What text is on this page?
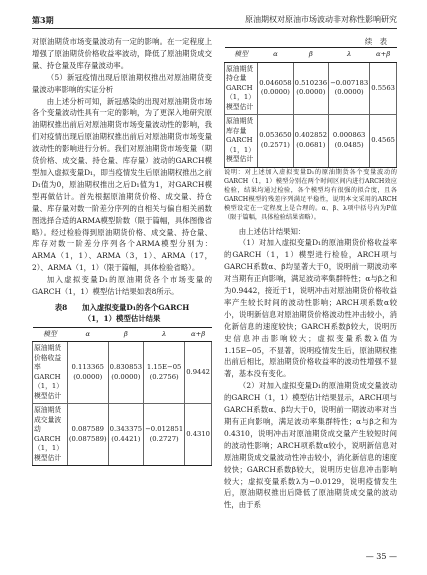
第3期	原油期权对原油市场波动非对称性影响研究

对原油期货市场变量波动有一定的影响。在一定程度上增强了原油期货价格收益率波动，降低了原油期货成交量、持仓量及库存量波动率。

（5）新冠疫情出现后原油期权推出对原油期货变量波动率影响的实证分析

由上述分析可知，新冠感染的出现对原油期货市场各个变量波动性具有一定的影响，为了更深入地研究原油期权推出前后对原油期货市场变量波动性的影响，我们对疫情出现后原油期权推出前后对原油期货市场变量波动性的影响进行分析。我们对原油期货市场变量（期货价格、成交量、持仓量、库存量）波动的GARCH模型加入虚拟变量D₁，即当疫情发生后原油期权推出之前D₁值为0，原油期权推出之后D₁值为1，对GARCH模型再做估计。首先根据原油期货价格、成交量、持仓量、库存量对数一阶差分序列的自相关与偏自相关函数图选择合适的ARMA模型阶数（限于篇幅，具体图像省略）。经过检验得到原油期货价格、成交量、持仓量、库存对数一阶差分序列各个ARMA模型分别为：ARMA（1，1）、ARMA（3，1）、ARMA（17，2）、ARMA（1，1）（限于篇幅，具体检验省略）。

加入虚拟变量D₁的原油期货各个市场变量的GARCH（1，1）模型估计结果如表8所示。

表8　　加入虚拟变量D₁的各个GARCH
（1，1）模型估计结果
模型	α	β	λ	α+β
原油期货价格收益率GARCH（1，1）模型估计	0.113365 (0.0000)	0.830853 (0.0000)	1.15E−05 (0.2756)	0.9442
原油期货成交量波动GARCH（1，1）模型估计	0.087589 (0.087589)	0.343375 (0.4421)	−0.012851 (0.2727)	0.4310
续　表
模型	α	β	λ	α+β
原油期货持仓量GARCH（1，1）模型估计	0.046058 (0.0000)	0.510236 (0.0000)	−0.007183 (0.0000)	0.5563
原油期货库存量GARCH（1，1）模型估计	0.053650 (0.2571)	0.402852 (0.0681)	0.000863 (0.0485)	0.4565

说明：对上述加入虚拟变量D₁的原油期货各个变量波动的GARCH（1，1）模型分别在两个时间区间内进行ARCH效应检验，结果均通过检验，各个模型均有很强的拟合度，且各GARCH模型的残差序列满足平稳性，说明本文采用的ARCH模型设定在一定程度上是合理的。α、β、λ项中括号内为P值（限于篇幅，具体检验结果省略）。

由上述估计结果知：

（1）对加入虚拟变量D₁的原油期货价格收益率的GARCH（1，1）模型进行检验，ARCH项与GARCH系数α、β均显著大于0，说明前一期波动率对当期有正向影响，满足波动率集群特性；α与β之和为0.9442，接近于1，说明冲击对原油期货价格收益率产生较长时间的波动性影响；ARCH项系数α较小，说明新信息对原油期货价格波动性冲击较小，消化新信息的速度较快；GARCH系数β较大，说明历史信息冲击影响较大；虚拟变量系数λ值为1.15E−05，不显著，说明疫情发生后，原油期权推出前后相比，原油期货价格收益率的波动性增强不显著，基本没有变化。

（2）对加入虚拟变量D₁的原油期货成交量波动的GARCH（1，1）模型估计结果显示，ARCH项与GARCH系数α、β均大于0，说明前一期波动率对当期有正向影响，满足波动率集群特性；α与β之和为0.4310，说明冲击对原油期货成交量产生较短时间的波动性影响；ARCH项系数α较小，说明新信息对原油期货成交量波动性冲击较小，消化新信息的速度较快；GARCH系数β较大，说明历史信息冲击影响较大；虚拟变量系数λ为−0.0129，说明疫情发生后，原油期权推出后降低了原油期货成交量的波动性，由于系

— 35 —
